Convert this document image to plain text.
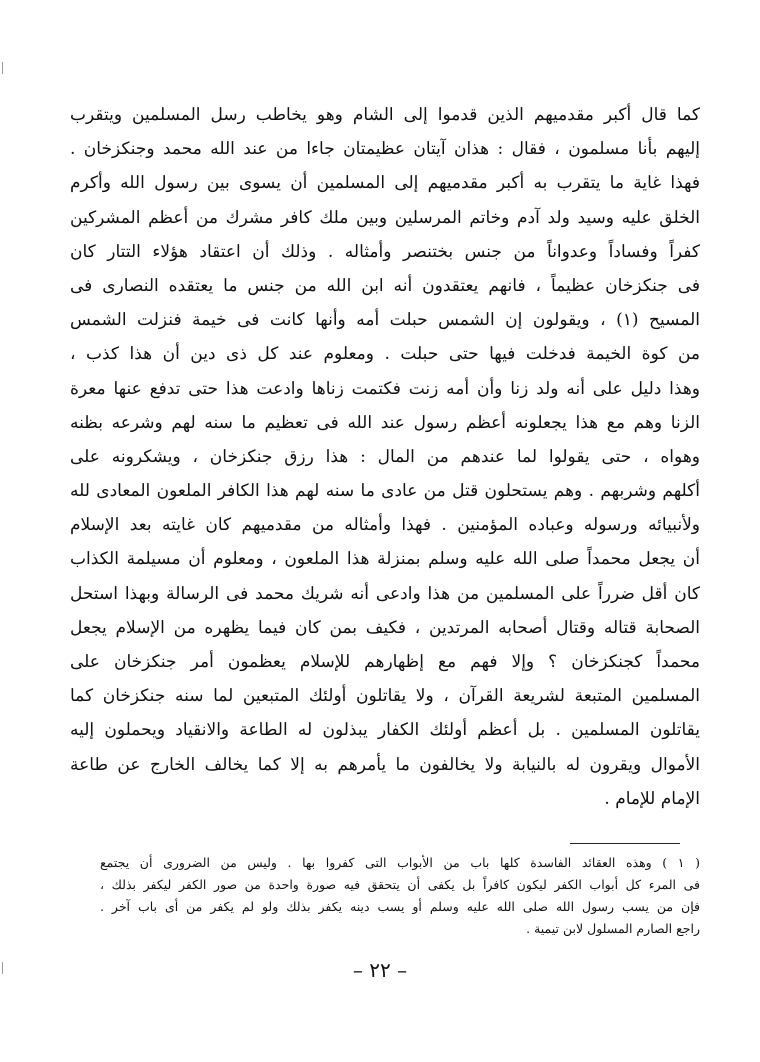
كما قال أكبر مقدميهم الذين قدموا إلى الشام وهو يخاطب رسل المسلمين ويتقرب
إليهم بأنا مسلمون ، فقال : هذان آيتان عظيمتان جاءا من عند الله محمد وجنكزخان .
فهذا غاية ما يتقرب به أكبر مقدميهم إلى المسلمين أن يسوى بين رسول الله وأكرم
الخلق عليه وسيد ولد آدم وخاتم المرسلين وبين ملك كافر مشرك من أعظم المشركين
كفراً وفساداً وعدواناً من جنس بختنصر وأمثاله . وذلك أن اعتقاد هؤلاء التتار كان
فى جنكزخان عظيماً ، فانهم يعتقدون أنه ابن الله من جنس ما يعتقده النصارى فى
المسيح (١) ، ويقولون إن الشمس حبلت أمه وأنها كانت فى خيمة فنزلت الشمس
من كوة الخيمة فدخلت فيها حتى حبلت . ومعلوم عند كل ذى دين أن هذا كذب ،
وهذا دليل على أنه ولد زنا وأن أمه زنت فكتمت زناها وادعت هذا حتى تدفع عنها معرة
الزنا وهم مع هذا يجعلونه أعظم رسول عند الله فى تعظيم ما سنه لهم وشرعه بظنه
وهواه ، حتى يقولوا لما عندهم من المال : هذا رزق جنكزخان ، ويشكرونه على
أكلهم وشربهم . وهم يستحلون قتل من عادى ما سنه لهم هذا الكافر الملعون المعادى لله
ولأنبيائه ورسوله وعباده المؤمنين . فهذا وأمثاله من مقدميهم كان غايته بعد الإسلام
أن يجعل محمداً صلى الله عليه وسلم بمنزلة هذا الملعون ، ومعلوم أن مسيلمة الكذاب
كان أقل ضرراً على المسلمين من هذا وادعى أنه شريك محمد فى الرسالة وبهذا استحل
الصحابة قتاله وقتال أصحابه المرتدين ، فكيف بمن كان فيما يظهره من الإسلام يجعل
محمداً كجنكزخان ؟ وإلا فهم مع إظهارهم للإسلام يعظمون أمر جنكزخان على
المسلمين المتبعة لشريعة القرآن ، ولا يقاتلون أولئك المتبعين لما سنه جنكزخان كما
يقاتلون المسلمين . بل أعظم أولئك الكفار يبذلون له الطاعة والانقياد ويحملون إليه
الأموال ويقرون له بالنيابة ولا يخالفون ما يأمرهم به إلا كما يخالف الخارج عن طاعة
الإمام للإمام .
( ١ ) وهذه العقائد الفاسدة كلها باب من الأبواب التى كفروا بها . وليس من الضرورى أن يجتمع
فى المرء كل أبواب الكفر ليكون كافراً بل يكفى أن يتحقق فيه صورة واحدة من صور الكفر ليكفر بذلك ،
فإن من يسب رسول الله صلى الله عليه وسلم أو يسب دينه يكفر بذلك ولو لم يكفر من أى باب آخر .
راجع الصارم المسلول لابن تيمية .
– ٢٢ –
